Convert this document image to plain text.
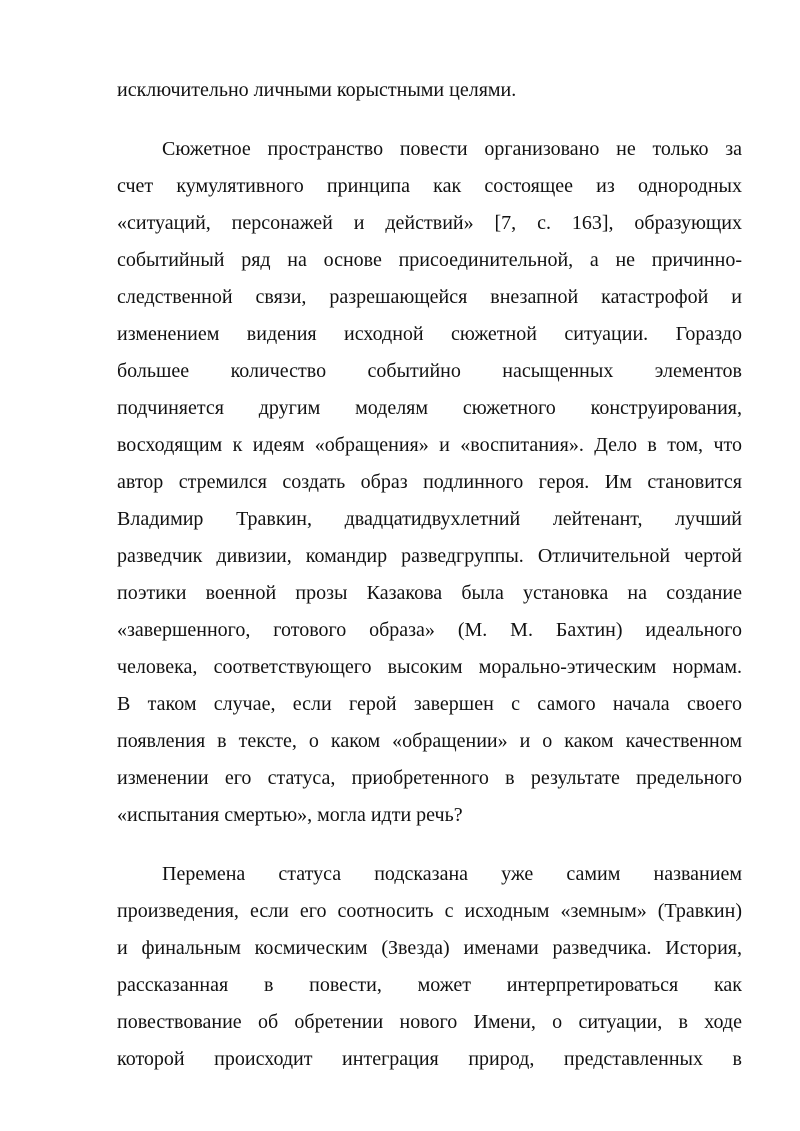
исключительно личными корыстными целями.
Сюжетное пространство повести организовано не только за
счет кумулятивного принципа как состоящее из однородных
«ситуаций, персонажей и действий» [7, с. 163], образующих
событийный ряд на основе присоединительной, а не причинно-
следственной связи, разрешающейся внезапной катастрофой и
изменением видения исходной сюжетной ситуации. Гораздо
большее количество событийно насыщенных элементов
подчиняется другим моделям сюжетного конструирования,
восходящим к идеям «обращения» и «воспитания». Дело в том, что
автор стремился создать образ подлинного героя. Им становится
Владимир Травкин, двадцатидвухлетний лейтенант, лучший
разведчик дивизии, командир разведгруппы. Отличительной чертой
поэтики военной прозы Казакова была установка на создание
«завершенного, готового образа» (М. М. Бахтин) идеального
человека, соответствующего высоким морально-этическим нормам.
В таком случае, если герой завершен с самого начала своего
появления в тексте, о каком «обращении» и о каком качественном
изменении его статуса, приобретенного в результате предельного
«испытания смертью», могла идти речь?
Перемена статуса подсказана уже самим названием
произведения, если его соотносить с исходным «земным» (Травкин)
и финальным космическим (Звезда) именами разведчика. История,
рассказанная в повести, может интерпретироваться как
повествование об обретении нового Имени, о ситуации, в ходе
которой происходит интеграция природ, представленных в
